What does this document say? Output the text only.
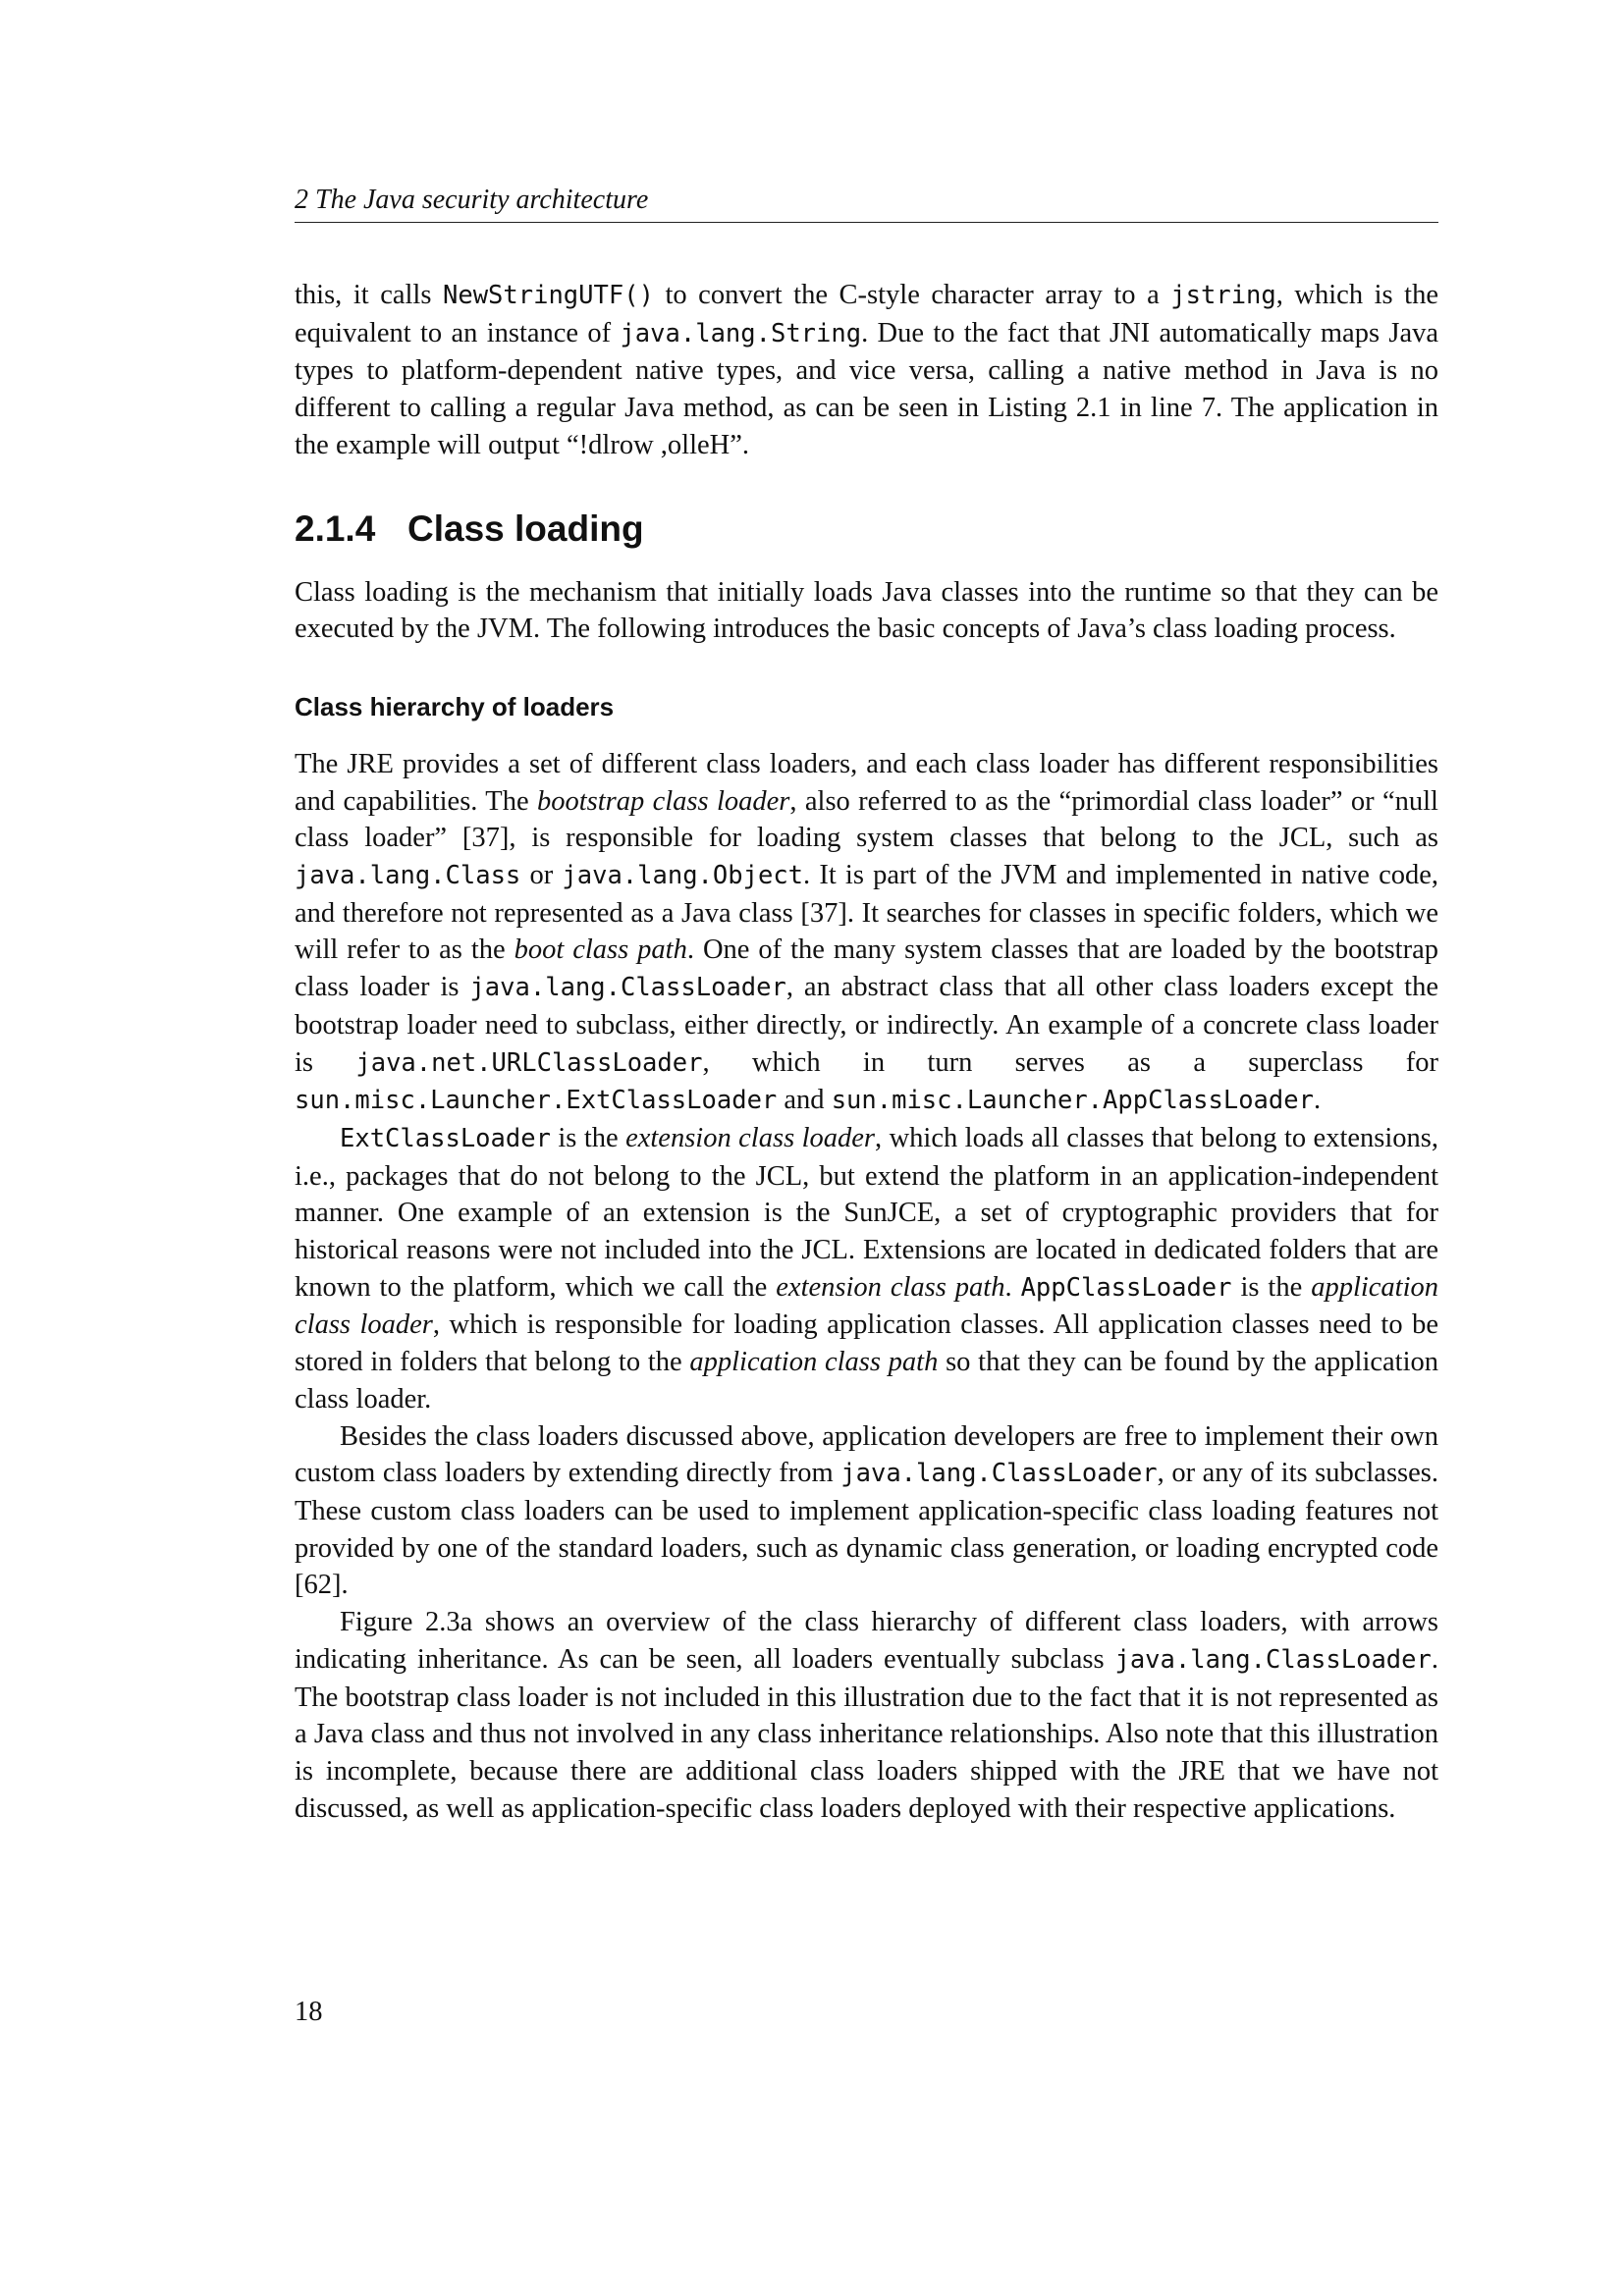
2 The Java security architecture

this, it calls NewStringUTF() to convert the C-style character array to a jstring, which is the equivalent to an instance of java.lang.String. Due to the fact that JNI automatically maps Java types to platform-dependent native types, and vice versa, calling a native method in Java is no different to calling a regular Java method, as can be seen in Listing 2.1 in line 7. The application in the example will output “!dlrow ,olleH”.

2.1.4 Class loading

Class loading is the mechanism that initially loads Java classes into the runtime so that they can be executed by the JVM. The following introduces the basic concepts of Java’s class loading process.

Class hierarchy of loaders

The JRE provides a set of different class loaders, and each class loader has different responsibilities and capabilities. The bootstrap class loader, also referred to as the “primordial class loader” or “null class loader” [37], is responsible for loading system classes that belong to the JCL, such as java.lang.Class or java.lang.Object. It is part of the JVM and implemented in native code, and therefore not represented as a Java class [37]. It searches for classes in specific folders, which we will refer to as the boot class path. One of the many system classes that are loaded by the bootstrap class loader is java.lang.ClassLoader, an abstract class that all other class loaders except the bootstrap loader need to subclass, either directly, or indirectly. An example of a concrete class loader is java.net.URLClassLoader, which in turn serves as a superclass for sun.misc.Launcher.ExtClassLoader and sun.misc.Launcher.AppClassLoader.

ExtClassLoader is the extension class loader, which loads all classes that belong to extensions, i.e., packages that do not belong to the JCL, but extend the platform in an application-independent manner. One example of an extension is the SunJCE, a set of cryptographic providers that for historical reasons were not included into the JCL. Extensions are located in dedicated folders that are known to the platform, which we call the extension class path. AppClassLoader is the application class loader, which is responsible for loading application classes. All application classes need to be stored in folders that belong to the application class path so that they can be found by the application class loader.

Besides the class loaders discussed above, application developers are free to implement their own custom class loaders by extending directly from java.lang.ClassLoader, or any of its subclasses. These custom class loaders can be used to implement application-specific class loading features not provided by one of the standard loaders, such as dynamic class generation, or loading encrypted code [62].

Figure 2.3a shows an overview of the class hierarchy of different class loaders, with arrows indicating inheritance. As can be seen, all loaders eventually subclass java.lang.ClassLoader. The bootstrap class loader is not included in this illustration due to the fact that it is not represented as a Java class and thus not involved in any class inheritance relationships. Also note that this illustration is incomplete, because there are additional class loaders shipped with the JRE that we have not discussed, as well as application-specific class loaders deployed with their respective applications.

18
